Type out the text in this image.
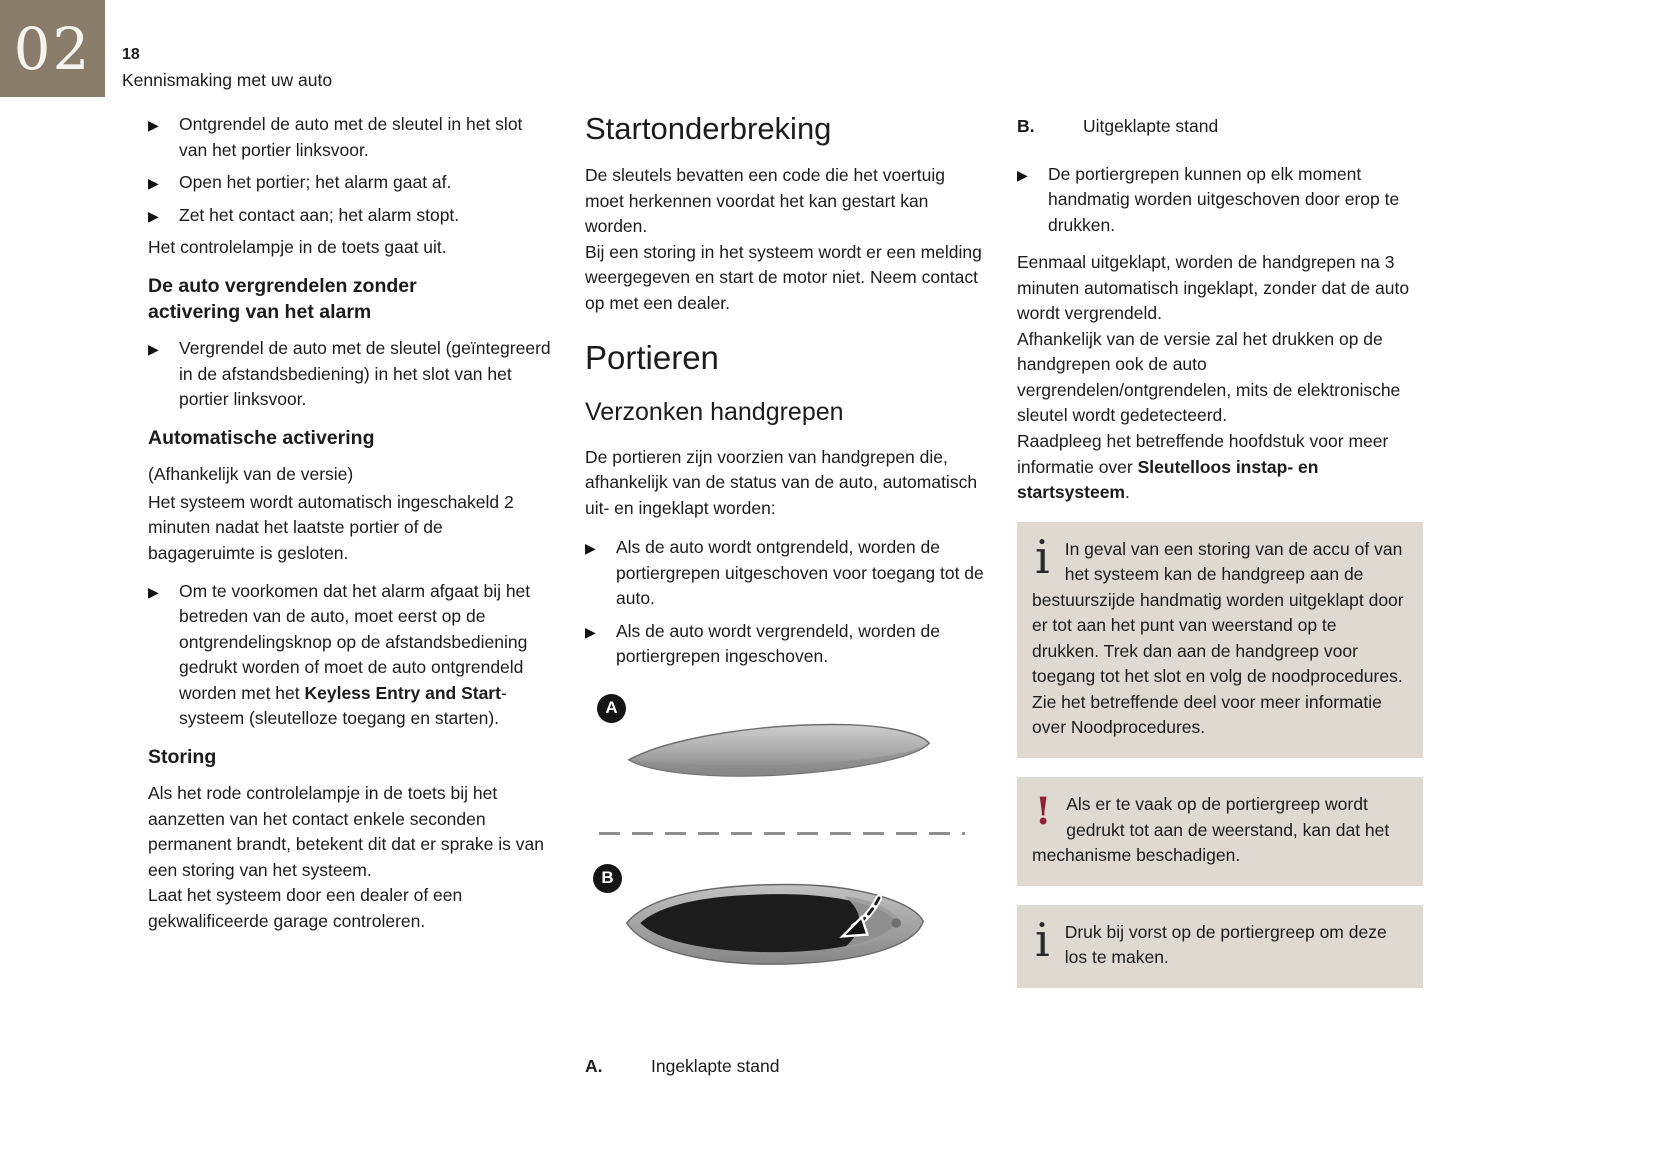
02 18
Kennismaking met uw auto
▶	Ontgrendel de auto met de sleutel in het slot van het portier linksvoor.
▶	Open het portier; het alarm gaat af.
▶	Zet het contact aan; het alarm stopt.

Het controlelampje in de toets gaat uit.

De auto vergrendelen zonder activering van het alarm
▶	Vergrendel de auto met de sleutel (geïntegreerd in de afstandsbediening) in het slot van het portier linksvoor.
Automatische activering

(Afhankelijk van de versie)

Het systeem wordt automatisch ingeschakeld 2 minuten nadat het laatste portier of de bagageruimte is gesloten.

▶	Om te voorkomen dat het alarm afgaat bij het betreden van de auto, moet eerst op de ontgrendelingsknop op de afstandsbediening gedrukt worden of moet de auto ontgrendeld worden met het Keyless Entry and Start-systeem (sleutelloze toegang en starten).
Storing

Als het rode controlelampje in de toets bij het aanzetten van het contact enkele seconden permanent brandt, betekent dit dat er sprake is van een storing van het systeem.

Laat het systeem door een dealer of een gekwalificeerde garage controleren.

Startonderbreking

De sleutels bevatten een code die het voertuig moet herkennen voordat het kan gestart kan worden.

Bij een storing in het systeem wordt er een melding weergegeven en start de motor niet. Neem contact op met een dealer.

Portieren
Verzonken handgrepen

De portieren zijn voorzien van handgrepen die, afhankelijk van de status van de auto, automatisch uit- en ingeklapt worden:

▶	Als de auto wordt ontgrendeld, worden de portiergrepen uitgeschoven voor toegang tot de auto.
▶	Als de auto wordt vergrendeld, worden de portiergrepen ingeschoven.
A
B
A.	Ingeklapte stand
B.	Uitgeklapte stand
▶	De portiergrepen kunnen op elk moment handmatig worden uitgeschoven door erop te drukken.

Eenmaal uitgeklapt, worden de handgrepen na 3 minuten automatisch ingeklapt, zonder dat de auto wordt vergrendeld.

Afhankelijk van de versie zal het drukken op de handgrepen ook de auto vergrendelen/ontgrendelen, mits de elektronische sleutel wordt gedetecteerd.

Raadpleeg het betreffende hoofdstuk voor meer informatie over Sleutelloos instap- en startsysteem.

i In geval van een storing van de accu of van het systeem kan de handgreep aan de bestuurszijde handmatig worden uitgeklapt door er tot aan het punt van weerstand op te drukken. Trek dan aan de handgreep voor toegang tot het slot en volg de noodprocedures. Zie het betreffende deel voor meer informatie over Noodprocedures.
! Als er te vaak op de portiergreep wordt gedrukt tot aan de weerstand, kan dat het mechanisme beschadigen.
i Druk bij vorst op de portiergreep om deze los te maken.
